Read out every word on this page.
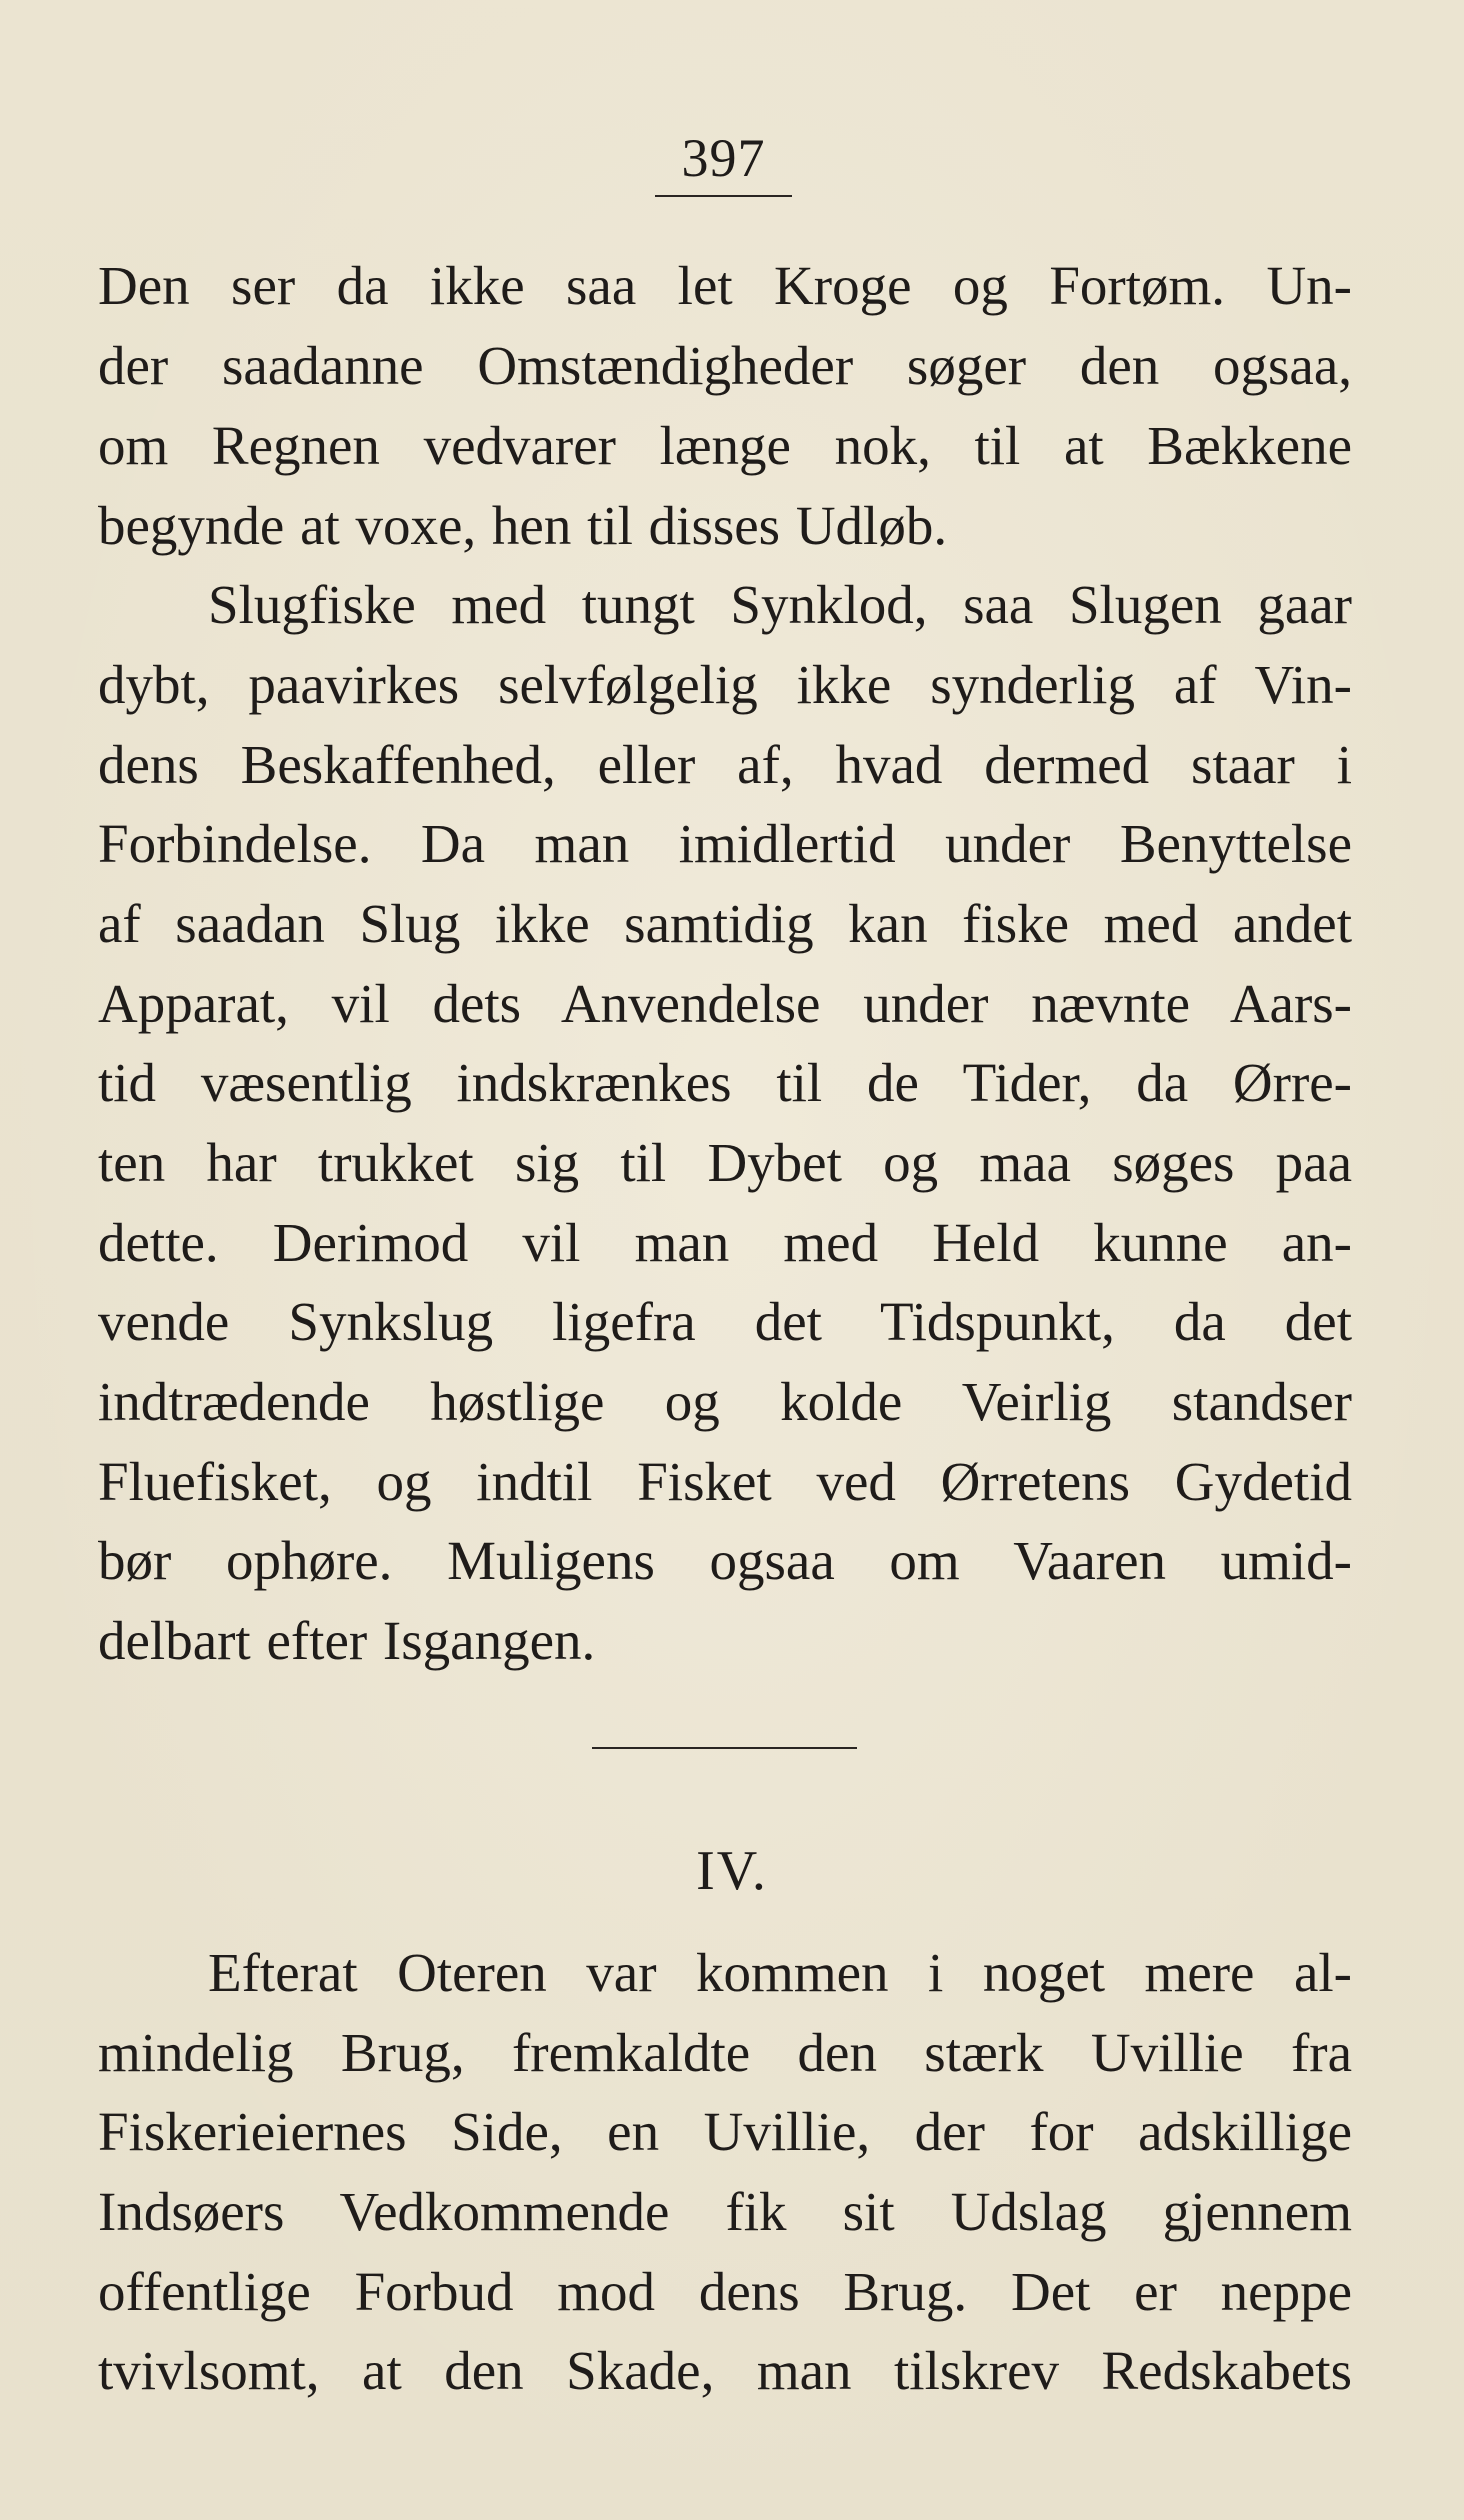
397
Den ser da ikke saa let Kroge og Fortøm. Un-
der saadanne Omstændigheder søger den ogsaa,
om Regnen vedvarer længe nok, til at Bækkene
begynde at voxe, hen til disses Udløb.
Slugfiske med tungt Synklod, saa Slugen gaar
dybt, paavirkes selvfølgelig ikke synderlig af Vin-
dens Beskaffenhed, eller af, hvad dermed staar i
Forbindelse. Da man imidlertid under Benyttelse
af saadan Slug ikke samtidig kan fiske med andet
Apparat, vil dets Anvendelse under nævnte Aars-
tid væsentlig indskrænkes til de Tider, da Ørre-
ten har trukket sig til Dybet og maa søges paa
dette. Derimod vil man med Held kunne an-
vende Synkslug ligefra det Tidspunkt, da det
indtrædende høstlige og kolde Veirlig standser
Fluefisket, og indtil Fisket ved Ørretens Gydetid
bør ophøre. Muligens ogsaa om Vaaren umid-
delbart efter Isgangen.
IV.
Efterat Oteren var kommen i noget mere al-
mindelig Brug, fremkaldte den stærk Uvillie fra
Fiskerieiernes Side, en Uvillie, der for adskillige
Indsøers Vedkommende fik sit Udslag gjennem
offentlige Forbud mod dens Brug. Det er neppe
tvivlsomt, at den Skade, man tilskrev Redskabets
